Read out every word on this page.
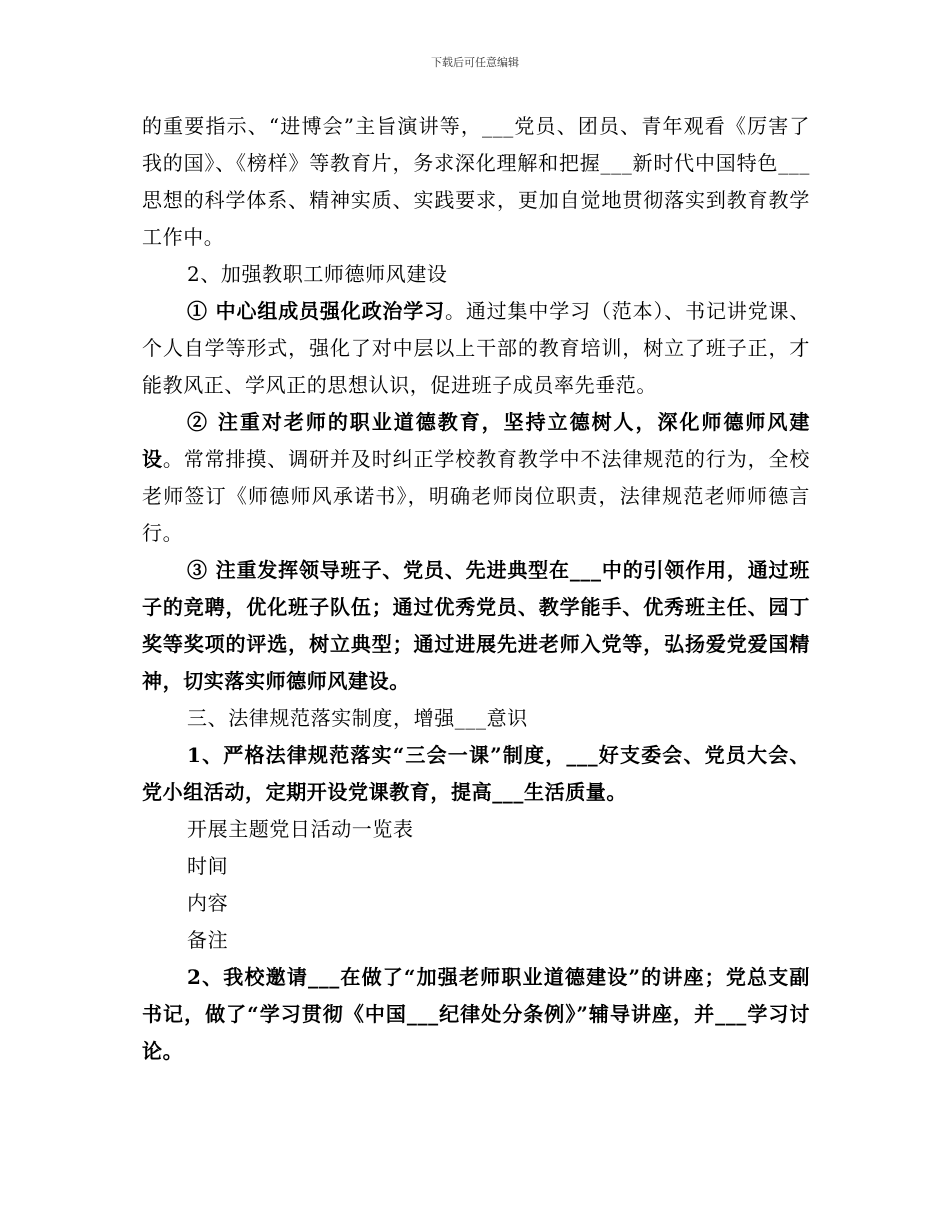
下载后可任意编辑

的重要指示、“进博会”主旨演讲等，___党员、团员、青年观看《厉害了我的国》、《榜样》等教育片，务求深化理解和把握___新时代中国特色___思想的科学体系、精神实质、实践要求，更加自觉地贯彻落实到教育教学工作中。

2、加强教职工师德师风建设

① 中心组成员强化政治学习。通过集中学习（范本）、书记讲党课、个人自学等形式，强化了对中层以上干部的教育培训，树立了班子正，才能教风正、学风正的思想认识，促进班子成员率先垂范。

② 注重对老师的职业道德教育，坚持立德树人，深化师德师风建设。常常排摸、调研并及时纠正学校教育教学中不法律规范的行为，全校老师签订《师德师风承诺书》，明确老师岗位职责，法律规范老师师德言行。

③ 注重发挥领导班子、党员、先进典型在___中的引领作用，通过班子的竞聘，优化班子队伍；通过优秀党员、教学能手、优秀班主任、园丁奖等奖项的评选，树立典型；通过进展先进老师入党等，弘扬爱党爱国精神，切实落实师德师风建设。

三、法律规范落实制度，增强___意识

1、严格法律规范落实“三会一课”制度，___好支委会、党员大会、党小组活动，定期开设党课教育，提高___生活质量。

开展主题党日活动一览表

时间

内容

备注

2、我校邀请___在做了“加强老师职业道德建设”的讲座；党总支副书记，做了“学习贯彻《中国___纪律处分条例》”辅导讲座，并___学习讨论。
